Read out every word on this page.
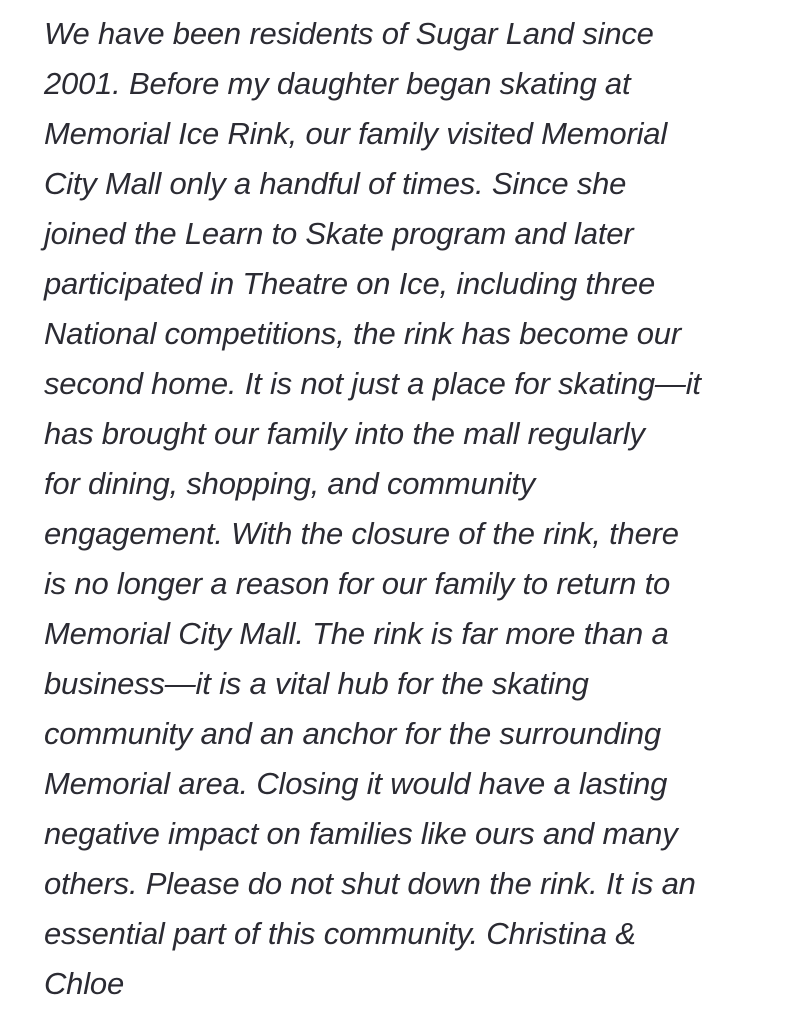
We have been residents of Sugar Land since
2001. Before my daughter began skating at
Memorial Ice Rink, our family visited Memorial
City Mall only a handful of times. Since she
joined the Learn to Skate program and later
participated in Theatre on Ice, including three
National competitions, the rink has become our
second home. It is not just a place for skating—it
has brought our family into the mall regularly
for dining, shopping, and community
engagement. With the closure of the rink, there
is no longer a reason for our family to return to
Memorial City Mall. The rink is far more than a
business—it is a vital hub for the skating
community and an anchor for the surrounding
Memorial area. Closing it would have a lasting
negative impact on families like ours and many
others. Please do not shut down the rink. It is an
essential part of this community. Christina &
Chloe
